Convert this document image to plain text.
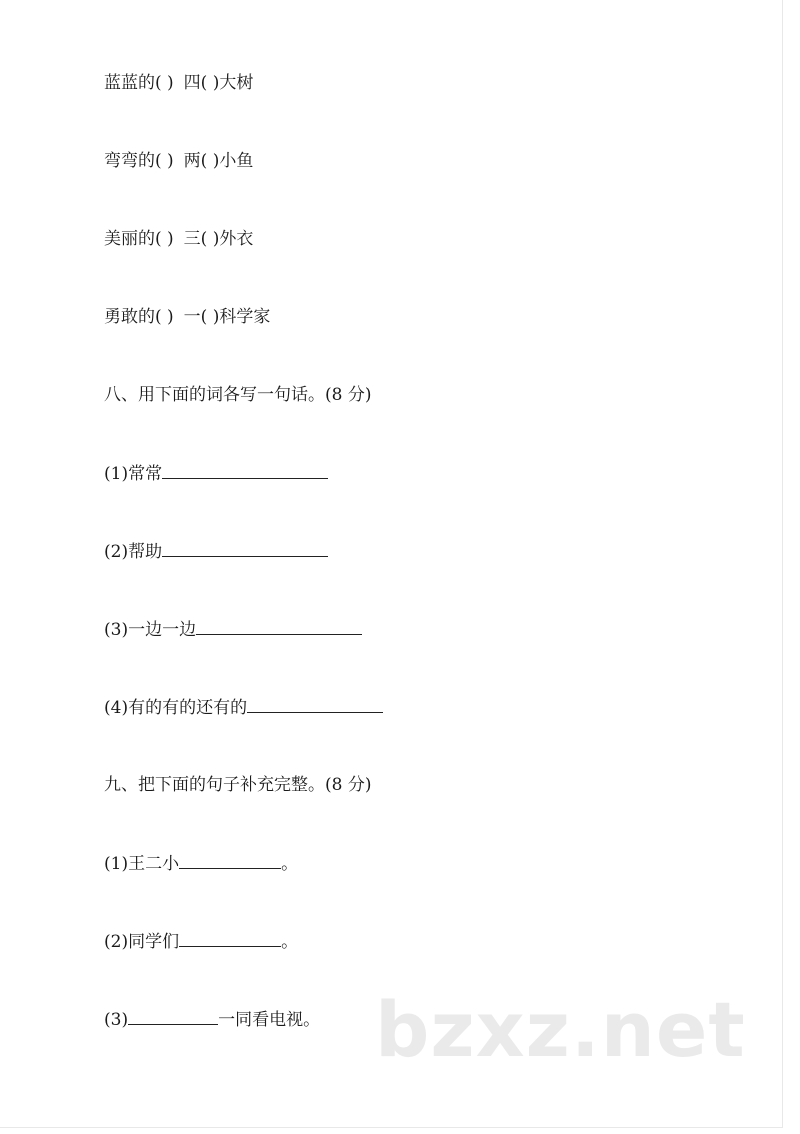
蓝蓝的( ) 四( )大树
弯弯的( ) 两( )小鱼
美丽的( ) 三( )外衣
勇敢的( ) 一( )科学家
八、用下面的词各写一句话。(8 分)
(1)常常
(2)帮助
(3)一边一边
(4)有的有的还有的
九、把下面的句子补充完整。(8 分)
(1)王二小	。
(2)同学们	。
(3)	一同看电视。 bzxz.net
